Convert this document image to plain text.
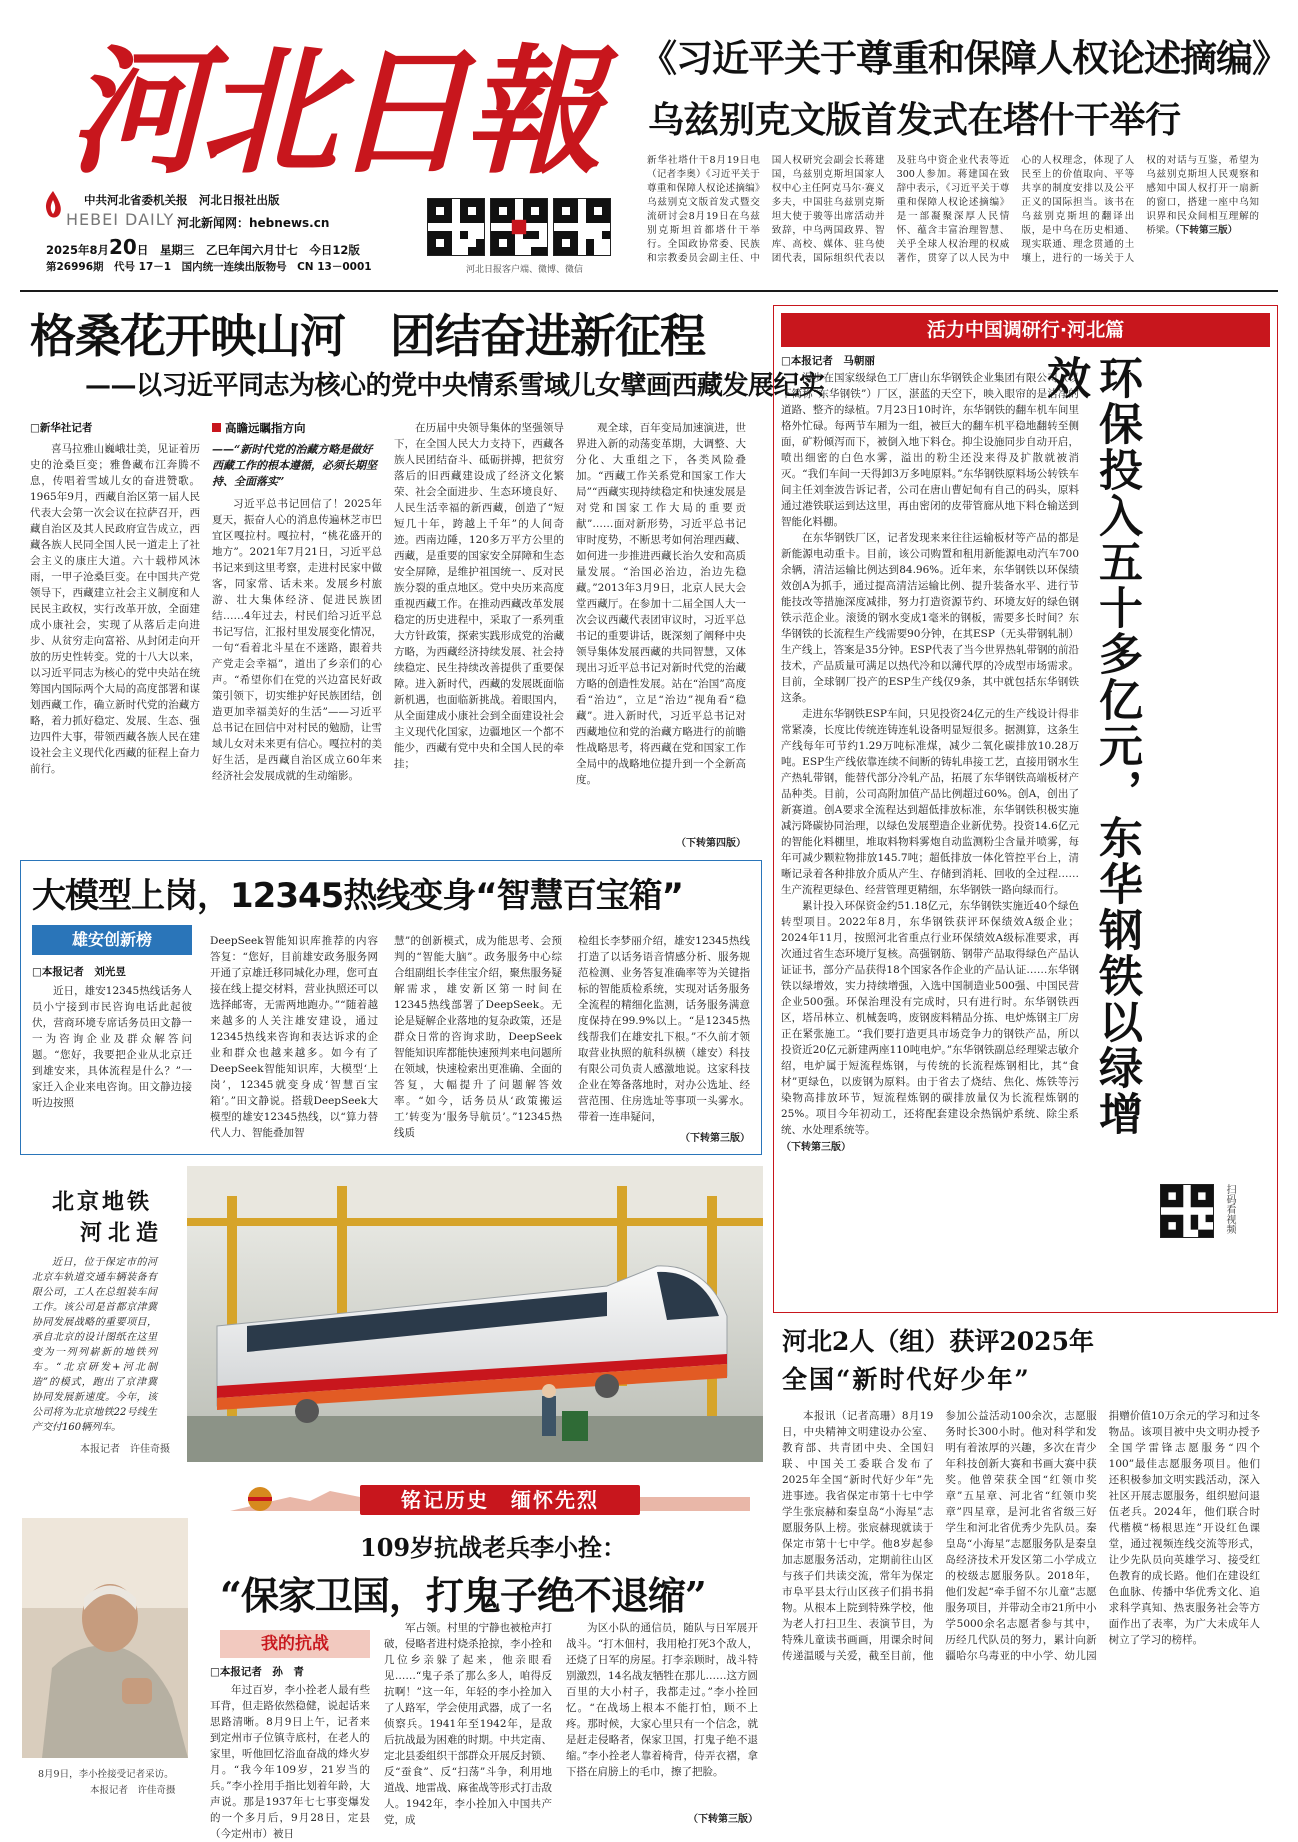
河北日報
中共河北省委机关报　河北日报社出版
HEBEI DAILY 河北新闻网：hebnews.cn
2025年8月20日　星期三　乙巳年闰六月廿七　今日12版
第26996期　代号 17－1　国内统一连续出版物号　CN 13－0001	河北日报客户端、微博、微信
《习近平关于尊重和保障人权论述摘编》
乌兹别克文版首发式在塔什干举行
新华社塔什干8月19日电（记者李奥）《习近平关于尊重和保障人权论述摘编》乌兹别克文版首发式暨交流研讨会8月19日在乌兹别克斯坦首都塔什干举行。全国政协常委、民族和宗教委员会副主任、中国人权研究会副会长蒋建国，乌兹别克斯坦国家人权中心主任阿克马尔·赛义多夫，中国驻乌兹别克斯坦大使于骏等出席活动并致辞，中乌两国政界、智库、高校、媒体、驻乌使团代表，国际组织代表以及驻乌中资企业代表等近300人参加。蒋建国在致辞中表示，《习近平关于尊重和保障人权论述摘编》是一部凝聚深厚人民情怀、蕴含丰富治理智慧、关乎全球人权治理的权威著作，贯穿了以人民为中心的人权理念，体现了人民至上的价值取向、平等共享的制度安排以及公平正义的国际担当。该书在乌兹别克斯坦的翻译出版，是中乌在历史相通、现实联通、理念贯通的土壤上，进行的一场关于人权的对话与互鉴，希望为乌兹别克斯坦人民观察和感知中国人权打开一扇新的窗口，搭建一座中乌知识界和民众间相互理解的桥梁。（下转第三版）
格桑花开映山河　团结奋进新征程
——以习近平同志为核心的党中央情系雪域儿女擘画西藏发展纪实
□新华社记者
喜马拉雅山巍峨壮美，见证着历史的沧桑巨变；雅鲁藏布江奔腾不息，传唱着雪域儿女的奋进赞歌。1965年9月，西藏自治区第一届人民代表大会第一次会议在拉萨召开，西藏自治区及其人民政府宣告成立，西藏各族人民同全国人民一道走上了社会主义的康庄大道。六十载栉风沐雨，一甲子沧桑巨变。在中国共产党领导下，西藏建立社会主义制度和人民民主政权，实行改革开放，全面建成小康社会，实现了从落后走向进步、从贫穷走向富裕、从封闭走向开放的历史性转变。党的十八大以来，以习近平同志为核心的党中央站在统筹国内国际两个大局的高度部署和谋划西藏工作，确立新时代党的治藏方略，着力抓好稳定、发展、生态、强边四件大事，带领西藏各族人民在建设社会主义现代化西藏的征程上奋力前行。
高瞻远瞩指方向
——“新时代党的治藏方略是做好西藏工作的根本遵循，必须长期坚持、全面落实”
习近平总书记回信了！2025年夏天，振奋人心的消息传遍林芝市巴宜区嘎拉村。嘎拉村，“桃花盛开的地方”。2021年7月21日，习近平总书记来到这里考察，走进村民家中做客，同家常、话未来。发展乡村旅游、壮大集体经济、促进民族团结……4年过去，村民们给习近平总书记写信，汇报村里发展变化情况，一句“看着北斗星在不迷路，跟着共产党走会幸福”，道出了乡亲们的心声。“希望你们在党的兴边富民好政策引领下，切实维护好民族团结，创造更加幸福美好的生活”——习近平总书记在回信中对村民的勉励，让雪域儿女对未来更有信心。嘎拉村的美好生活，是西藏自治区成立60年来经济社会发展成就的生动缩影。
在历届中央领导集体的坚强领导下，在全国人民大力支持下，西藏各族人民团结奋斗、砥砺拼搏，把贫穷落后的旧西藏建设成了经济文化繁荣、社会全面进步、生态环境良好、人民生活幸福的新西藏，创造了“短短几十年，跨越上千年”的人间奇迹。西南边陲，120多万平方公里的西藏，是重要的国家安全屏障和生态安全屏障，是维护祖国统一、反对民族分裂的重点地区。党中央历来高度重视西藏工作。在推动西藏改革发展稳定的历史进程中，采取了一系列重大方针政策，探索实践形成党的治藏方略，为西藏经济持续发展、社会持续稳定、民生持续改善提供了重要保障。进入新时代，西藏的发展既面临新机遇，也面临新挑战。着眼国内，从全面建成小康社会到全面建设社会主义现代化国家，边疆地区一个都不能少，西藏有党中央和全国人民的牵挂；
观全球，百年变局加速演进，世界进入新的动荡变革期，大调整、大分化、大重组之下，各类风险叠加。“西藏工作关系党和国家工作大局”“西藏实现持续稳定和快速发展是对党和国家工作大局的重要贡献”……面对新形势，习近平总书记审时度势，不断思考如何治理西藏、如何进一步推进西藏长治久安和高质量发展。“治国必治边，治边先稳藏。”2013年3月9日，北京人民大会堂西藏厅。在参加十二届全国人大一次会议西藏代表团审议时，习近平总书记的重要讲话，既深刻了阐释中央领导集体发展西藏的共同智慧，又体现出习近平总书记对新时代党的治藏方略的创造性发展。站在“治国”高度看“治边”，立足“治边”视角看“稳藏”。进入新时代，习近平总书记对西藏地位和党的治藏方略进行的前瞻性战略思考，将西藏在党和国家工作全局中的战略地位提升到一个全新高度。
（下转第四版）
活力中国调研行·河北篇
□本报记者　马朝丽
漫步在国家级绿色工厂唐山东华钢铁企业集团有限公司（以下简称“东华钢铁”）厂区，湛蓝的天空下，映入眼帘的是洁净的道路、整齐的绿植。7月23日10时许，东华钢铁的翻车机车间里格外忙碌。每两节车厢为一组，被巨大的翻车机平稳地翻转至侧面，矿粉倾泻而下，被倒入地下料仓。抑尘设施同步自动开启，喷出细密的白色水雾，溢出的粉尘还没来得及扩散就被消灭。“我们车间一天得卸3万多吨原料。”东华钢铁原料场公转铁车间主任刘奎波告诉记者，公司在唐山曹妃甸有自己的码头，原料通过港铁联运到达这里，再由密闭的皮带管廊从地下料仓输送到智能化料棚。
在东华钢铁厂区，记者发现来来往往运输板材等产品的都是新能源电动重卡。目前，该公司购置和租用新能源电动汽车700余辆，清洁运输比例达到84.96%。近年来，东华钢铁以环保绩效创A为抓手，通过提高清洁运输比例、提升装备水平、进行节能技改等措施深度减排，努力打造资源节约、环境友好的绿色钢铁示范企业。滚烫的钢水变成1毫米的钢板，需要多长时间？东华钢铁的长流程生产线需要90分钟，在其ESP（无头带钢轧制）生产线上，答案是35分钟。ESP代表了当今世界热轧带钢的前沿技术，产品质量可满足以热代冷和以薄代厚的冷成型市场需求。目前，全球钢厂投产的ESP生产线仅9条，其中就包括东华钢铁这条。
走进东华钢铁ESP车间，只见投资24亿元的生产线设计得非常紧凑，长度比传统连铸连轧设备明显短很多。据测算，这条生产线每年可节约1.29万吨标准煤，减少二氧化碳排放10.28万吨。ESP生产线依靠连续不间断的铸轧串接工艺，直接用钢水生产热轧带钢，能替代部分冷轧产品，拓展了东华钢铁高端板材产品种类。目前，公司高附加值产品比例超过60%。创A，创出了新赛道。创A要求全流程达到超低排放标准，东华钢铁积极实施减污降碳协同治理，以绿色发展塑造企业新优势。投资14.6亿元的智能化料棚里，堆取料物料雾炮自动监测粉尘含量并喷雾，每年可减少颗粒物排放145.7吨；超低排放一体化管控平台上，清晰记录着各种排放介质从产生、存储到消耗、回收的全过程……生产流程更绿色、经营管理更精细，东华钢铁一路向绿而行。
累计投入环保资金约51.18亿元，东华钢铁实施近40个绿色转型项目。2022年8月，东华钢铁获评环保绩效A级企业；2024年11月，按照河北省重点行业环保绩效A级标准要求，再次通过省生态环境厅复核。高强钢筋、钢带产品取得绿色产品认证证书，部分产品获得18个国家各作企业的产品认证……东华钢铁以绿增效，实力持续增强，入选中国制造业500强、中国民营企业500强。环保治理没有完成时，只有进行时。东华钢铁西区，塔吊林立、机械轰鸣，废钢废料精品分拣、电炉炼钢主厂房正在紧张施工。“我们要打造更具市场竞争力的钢铁产品，所以投资近20亿元新建两座110吨电炉。”东华钢铁副总经理梁志敏介绍，电炉属于短流程炼钢，与传统的长流程炼钢相比，其“食材”更绿色，以废钢为原料。由于省去了烧结、焦化、炼铁等污染物高排放环节，短流程炼钢的碳排放量仅为长流程炼钢的25%。项目今年初动工，还将配套建设余热锅炉系统、除尘系统、水处理系统等。
（下转第三版）
环保投入五十多亿元，东华钢铁以绿增效
扫码看视频
大模型上岗，12345热线变身“智慧百宝箱”
雄安创新榜
□本报记者　刘光昱
近日，雄安12345热线话务人员小宁接到市民咨询电话此起彼伏，营商环境专席话务员田文静一一为咨询企业及群众解答问题。“您好，我要把企业从北京迁到雄安来，具体流程是什么？”一家迁入企业来电咨询。田文静边接听边按照
DeepSeek智能知识库推荐的内容答复：“您好，目前雄安政务服务网开通了京雄迁移同城化办理，您可直接在线上提交材料，营业执照还可以选择邮寄，无需两地跑办。”“随着越来越多的人关注雄安建设，通过12345热线来咨询和表达诉求的企业和群众也越来越多。如今有了DeepSeek智能知识库，大模型‘上岗’，12345就变身成‘智慧百宝箱’。”田文静说。搭载DeepSeek大模型的雄安12345热线，以“算力替代人力、智能叠加智
慧”的创新模式，成为能思考、会预判的“智能大脑”。政务服务中心综合组副组长李佳宝介绍，聚焦服务疑解需求，雄安新区第一时间在12345热线部署了DeepSeek。无论是疑解企业落地的复杂政策，还是群众日常的咨询求助，DeepSeek智能知识库都能快速预判来电问题所在领域，快速检索出更准确、全面的答复，大幅提升了问题解答效率。“如今，话务员从‘政策搬运工’转变为‘服务导航员’。”12345热线质
检组长李梦丽介绍，雄安12345热线打造了以话务语音情感分析、服务规范检测、业务答复准确率等为关键指标的智能质检系统，实现对话务服务全流程的精细化监测，话务服务满意度保持在99.9%以上。“是12345热线帮我们在雄安扎下根。”不久前才领取营业执照的航科纵横（雄安）科技有限公司负责人感激地说。这家科技企业在筹备落地时，对办公选址、经营范围、住房选址等事项一头雾水。带着一连串疑问，
（下转第三版）
北京地铁
河北造
近日，位于保定市的河北京车轨道交通车辆装备有限公司，工人在总组装车间工作。该公司是首都京津冀协同发展战略的重要项目，承自北京的设计图纸在这里变为一列列崭新的地铁列车。“北京研发+河北制造”的模式，跑出了京津冀协同发展新速度。今年，该公司将为北京地铁22号线生产交付160辆列车。
本报记者　许佳奇摄
河北2人（组）获评2025年
全国“新时代好少年”
本报讯（记者高珊）8月19日，中央精神文明建设办公室、教育部、共青团中央、全国妇联、中国关工委联合发布了2025年全国“新时代好少年”先进事迹。我省保定市第十七中学学生张宸赫和秦皇岛“小海星”志愿服务队上榜。张宸赫现就读于保定市第十七中学。他8岁起参加志愿服务活动，定期前往山区与孩子们共读交流，常年为保定市阜平县太行山区孩子们捐书捐物。从根本上院到特殊学校，他为老人打扫卫生、表演节目，为特殊儿童读书画画，用课余时间传递温暖与关爱，截至目前，他参加公益活动100余次，志愿服务时长300小时。他对科学和发明有着浓厚的兴趣，多次在青少年科技创新大赛和书画大赛中获奖。他曾荣获全国“红领巾奖章”五星章、河北省“红领巾奖章”四星章，是河北省省级三好学生和河北省优秀少先队员。秦皇岛“小海星”志愿服务队是秦皇岛经济技术开发区第二小学成立的校级志愿服务队。2018年，他们发起“牵手留不尔儿童”志愿服务项目，并带动全市21所中小学5000余名志愿者参与其中，历经几代队员的努力，累计向新疆哈尔乌毒亚的中小学、幼儿园捐赠价值10万余元的学习和过冬物品。该项目被中央文明办授予全国学雷锋志愿服务“四个100”最佳志愿服务项目。他们还积极参加文明实践活动，深入社区开展志愿服务，组织慰问退伍老兵。2024年，他们联合时代楷模“杨根思连”开设红色课堂，通过视频连线交流等形式，让少先队员向英雄学习、接受红色教育的成长路。他们在建设红色血脉、传播中华优秀文化、追求科学真知、热衷服务社会等方面作出了表率，为广大未成年人树立了学习的榜样。
铭记历史　缅怀先烈
109岁抗战老兵李小拴：
“保家卫国，打鬼子绝不退缩”
8月9日，李小拴接受记者采访。
本报记者　许佳奇摄
我的抗战
□本报记者　孙　青
年过百岁，李小拴老人最有些耳背，但走路依然稳健，说起话来思路清晰。8月9日上午，记者来到定州市子位镇寺底村，在老人的家里，听他回忆浴血奋战的烽火岁月。“我今年109岁，21岁当的兵。”李小拴用手指比划着年龄，大声说。那是1937年七七事变爆发的一个多月后，9月28日，定县（今定州市）被日
军占领。村里的宁静也被枪声打破，侵略者进村烧杀抢掠，李小拴和几位乡亲躲了起来，他亲眼看见……“鬼子杀了那么多人，咱得反抗啊！”这一年，年轻的李小拴加入了人路军，学会使用武器，成了一名侦察兵。1941年至1942年，是敌后抗战最为困难的时期。中共定南、定北县委组织干部群众开展反封锁、反“蚕食”、反“扫荡”斗争，利用地道战、地雷战、麻雀战等形式打击敌人。1942年，李小拴加入中国共产党，成
为区小队的通信员，随队与日军展开战斗。“打木佃村，我用枪打死3个敌人，还烧了日军的房屋。打李亲顾时，战斗特别激烈，14名战友牺牲在那儿……这方圆百里的大小村子，我都走过。”李小拴回忆。“在战场上根本不能打怕，顾不上疼。那时候，大家心里只有一个信念，就是赶走侵略者，保家卫国，打鬼子绝不退缩。”李小拴老人靠着椅背，侍弄衣褶，拿下搭在肩膀上的毛巾，擦了把脸。
（下转第三版）
